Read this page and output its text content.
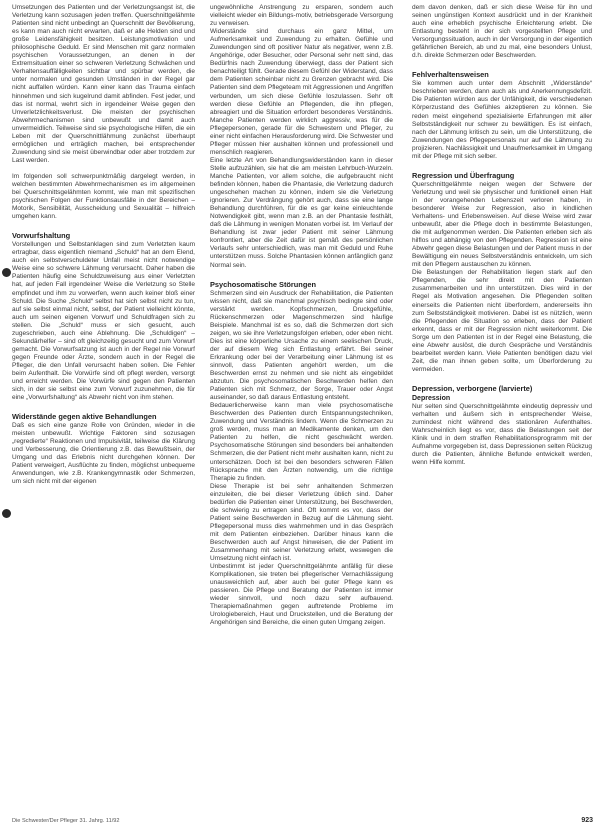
Umsetzungen des Patienten und der Verletzungsangst ist, die Verletzung kann sozusagen jeden treffen. Querschnittgelähmte Patienten sind nicht unbedingt an Querschnitt der Bevölkerung, es kann man auch nicht erwarten, daß er alle Helden sind und große Leidensfähigkeit besitzen. Leistungsmotivation und philosophische Geduld. Er sind Menschen mit ganz normalen psychischen Voraussetzungen, an denen in der Extremsituation einer so schweren Verletzung Schwächen und Verhaltensauffälligkeiten sichtbar und spürbar werden, die unter normalen und gesunden Umständen in der Regel gar nicht auffallen würden. Kann einer kann das Trauma einfach hinnehmen und sich kugelrund damit abfinden. Fest jeder, und das ist normal, wehrt sich in irgendeiner Weise gegen den Unverletzlichkeitsverlust. Die meisten der psychischen Abwehrmechanismen sind unbewußt und damit auch unvermeidlich. Teilweise sind sie psychologische Hilfen, die ein Leben mit der Querschnittlähmung zunächst überhaupt ermöglichen und erträglich machen, bei entsprechender Zuwendung sind sie meist überwindbar oder aber trotzdem zur Last werden.

Im folgenden soll schwerpunktmäßig dargelegt werden, in welchen bestimmten Abwehrmechanismen es im allgemeinen bei Querschnittsgelähmten kommt, wie man mit spezifischen psychischen Folgen der Funktionsausfälle in der Bereichen – Motorik, Sensibilität, Ausscheidung und Sexualität – hilfreich umgehen kann.

Vorwurfshaltung

Vorstellungen und Selbstanklagen sind zum Verletzten kaum ertragbar, dass eigentlich niemand „Schuld“ hat an dem Elend, auch ein selbstverschuldeter Unfall meist nicht notwendige Weise eine so schwere Lähmung verursacht. Daher haben die Patienten häufig eine Schuldzuweisung aus einer Verletzten hat, auf jeden Fall irgendeiner Weise die Verletzung so Stelle empfindet und ihm zu vorwerfen, wenn auch keiner bloß einer Schuld. Die Suche „Schuld“ selbst hat sich selbst nicht zu tun, auf sie selbst einmal nicht, selbst, der Patient vielleicht könnte, auch um seinen eigenen Vorwurf und Schuldfragen sich zu stellen. Die „Schuld“ muss er sich gesucht, auch zugeschrieben, auch eine Ablehnung. Die „Schuldigen“ – Sekundärhelfer – sind oft gleichzeitig gesucht und zum Vorwurf gemacht. Die Vorwurfsatzung ist auch in der Regel nie Vorwurf gegen Freunde oder Ärzte, sondern auch in der Regel die Pfleger, die den Unfall verursacht haben sollen. Die Fehler beim Aufenthalt. Die Vorwürfe sind oft pflegt werden, versorgt und erreicht werden. Die Vorwürfe sind gegen den Patienten sich, in der sie selbst eine zum Vorwurf zuzunehmen, die für eine „Vorwurfshaltung“ als Abwehr nicht von ihm stehen.

Widerstände gegen aktive Behandlungen

Daß es sich eine ganze Rolle von Gründen, wieder in die meisten unbewußt. Wichtige Faktoren sind sozusagen „regredierte“ Reaktionen und Impulsivität, teilweise die Klärung und Verbesserung, die Orientierung z.B. das Bewußtsein, der Umgang und das Erlebnis nicht durchgehen können. Der Patient verweigert, Ausflüchte zu finden, möglichst unbequeme Anwendungen, wie z.B. Krankengymnastik oder Schmerzen, um sich nicht mit der eigenen

ungewöhnliche Anstrengung zu ersparen, sondern auch vielleicht wieder ein Bildungs-motiv, betriebsgerade Versorgung zu verweisen.

Widerstände sind durchaus ein ganz Mittel, um Aufmerksamkeit und Zuwendung zu erhalten. Gefühle und Zuwendungen sind oft positiver Natur als negativer, wenn z.B. Angehörige, oder Besucher, oder Personal sehr nett sind, das Bedürfnis nach Zuwendung überwiegt, dass der Patient sich benachteiligt fühlt. Gerade diesem Gefühl der Widerstand, dass dem Patienten scheinbar nicht zu Grenzen gebracht wird. Die Patienten sind dem Pflegeteam mit Aggressionen und Angriffen verbunden, um sich diese Gefühle loszulassen. Sehr oft werden diese Gefühle an Pflegenden, die ihn pflegen, abreagiert und die Situation erfordert besonderes Verständnis. Manche Patienten werden wirklich aggressiv, was für die Pflegepersonen, gerade für die Schwestern und Pfleger, zu einer nicht einfachen Herausforderung wird. Die Schwester und Pfleger müssen hier aushalten können und professionell und menschlich reagieren.

Eine letzte Art von Behandlungswiderständen kann in dieser Stelle aufzuzählen, sie hat die am meisten Lehrbuch-Wurzeln. Manche Patienten, vor allem solche, die aufgebraucht nicht befinden können, haben die Phantasie, die Verletzung dadurch ungeschehen machen zu können, indem sie die Verletzung ignorieren. Zur Verdrängung gehört auch, dass sie eine lange Behandlung durchführen, für die es gar keine einleuchtende Notwendigkeit gibt, wenn man z.B. an der Phantasie festhält, daß die Lähmung in wenigen Monaten vorbei ist. Im Verlauf der Behandlung ist zwar jeder Patient mit seiner Lähmung konfrontiert, aber die Zeit dafür ist gemäß des persönlichen Verlaufs sehr unterschiedlich, was man mit Geduld und Ruhe unterstützen muss. Solche Phantasien können anfänglich ganz Normal sein.

Psychosomatische Störungen

Schmerzen sind ein Ausdruck der Rehabilitation, die Patienten wissen nicht, daß sie manchmal psychisch bedingte sind oder verstärkt werden. Kopfschmerzen, Druckgefühle, Rückenschmerzen oder Magenschmerzen sind häufige Beispiele. Manchmal ist es so, daß die Schmerzen dort sich zeigen, wo sie ihre Verletzungsfolgen erleben, oder eben nicht. Dies ist eine körperliche Ursache zu einem seelischen Druck, der auf diesem Weg sich Entlastung erfährt. Bei seiner Erkrankung oder bei der Verarbeitung einer Lähmung ist es sinnvoll, dass Patienten angehört werden, um die Beschwerden ernst zu nehmen und sie nicht als eingebildet abzutun. Die psychosomatischen Beschwerden helfen den Patienten sich mit Schmerz, der Sorge, Trauer oder Angst auseinander, so daß daraus Entlastung entsteht.

Bedauerlicherweise kann man viele psychosomatische Beschwerden des Patienten durch Entspannungstechniken, Zuwendung und Verständnis lindern. Wenn die Schmerzen zu groß werden, muss man an Medikamente denken, um den Patienten zu helfen, die nicht geschwächt werden. Psychosomatische Störungen sind besonders bei anhaltenden Schmerzen, die der Patient nicht mehr aushalten kann, nicht zu unterschätzen. Doch ist bei den besonders schweren Fällen Rücksprache mit den Ärzten notwendig, um die richtige Therapie zu finden.

Diese Therapie ist bei sehr anhaltenden Schmerzen einzuleiten, die bei dieser Verletzung üblich sind. Daher bedürfen die Patienten einer Unterstützung, bei Beschwerden, die schwierig zu ertragen sind. Oft kommt es vor, dass der Patient seine Beschwerden in Bezug auf die Lähmung sieht. Pflegepersonal muss dies wahrnehmen und in das Gespräch mit dem Patienten einbeziehen. Darüber hinaus kann die Beschwerden auch auf Angst hinweisen, die der Patient im Zusammenhang mit seiner Verletzung erlebt, weswegen die Umsetzung nicht einfach ist.

Unbestimmt ist jeder Querschnittgelähmte anfällig für diese Komplikationen, sie treten bei pflegerischer Vernachlässigung unausweichlich auf, aber auch bei guter Pflege kann es passieren. Die Pflege und Beratung der Patienten ist immer wieder sinnvoll, und noch dazu sehr aufbauend. Therapiemaßnahmen gegen auftretende Probleme im Urologiebereich, Haut und Druckstellen, und die Beratung der Angehörigen sind Bereiche, die einen guten Umgang zeigen.

dem davon denken, daß er sich diese Weise für ihn und seinen ungünstigen Kontext ausdrückt und in der Krankheit auch eine erheblich psychische Erleichterung erlebt. Die Entlastung besteht in der sich vorgestellten Pflege und Versorgungssituation, auch in der Versorgung in der eigentlich gefährlichen Bereich, ab und zu mal, eine besonders Unlust, d.h. direkte Schmerzen oder Beschwerden.

Fehlverhaltensweisen

Sie kommen auch unter dem Abschnitt „Widerstände“ beschrieben werden, dann auch als und Anerkennungsdefizit. Die Patienten würden aus der Unfähigkeit, die verschiedenen Körperzustand des Gefühles akzeptieren zu können. Sie reden meist eingehend spezialisierte Erfahrungen mit aller Selbstständigkeit nur schwer zu bewältigen. Es ist einfach, nach der Lähmung kritisch zu sein, um die Unterstützung, die Zuwendungen des Pflegepersonals nur auf die Lähmung zu projizieren. Nachlässigkeit und Unaufmerksamkeit im Umgang mit der Pflege mit sich selber.

Regression und Überfragung

Querschnittgelähmte neigen wegen der Schwere der Verletzung und weil sie physischer und funktionell einen Halt in der vorangehenden Lebenszeit verloren haben, in besonderer Weise zur Regression, also in kindlichen Verhaltens- und Erlebensweisen. Auf diese Weise wird zwar unbewußt, aber die Pflege doch in bestimmte Belastungen, die mit aufgenommen werden. Die Patienten erleben sich als hilflos und abhängig von den Pflegenden. Regression ist eine Abwehr gegen diese Belastungen und der Patient muss in der Bewältigung ein neues Selbstverständnis entwickeln, um sich mit den Pflegern austauschen zu können.

Die Belastungen der Rehabilitation liegen stark auf den Pflegenden, die sehr direkt mit den Patienten zusammenarbeiten und ihn unterstützen. Dies wird in der Regel als Motivation angesehen. Die Pflegenden sollten einerseits die Patienten nicht überfordern, andererseits ihn zum Selbstständigkeit motivieren. Dabei ist es nützlich, wenn die Pflegenden die Situation so erleben, dass der Patient erkennt, dass er mit der Regression nicht weiterkommt. Die Sorge um den Patienten ist in der Regel eine Belastung, die eine Abwehr auslöst, die durch Gespräche und Verständnis bearbeitet werden kann. Viele Patienten benötigen dazu viel Zeit, die man ihnen geben sollte, um Überforderung zu vermeiden.

Depression, verborgene (larvierte)
Depression

Nur selten sind Querschnittgelähmte eindeutig depressiv und verhalten und äußern sich in entsprechender Weise, zumindest nicht während des stationären Aufenthaltes. Wahrscheinlich liegt es vor, dass die Belastungen seit der Klinik und in dem straffen Rehabilitationsprogramm mit der Aufnahme vorgegeben ist, dass Depressionen selten Rückzug durch die Patienten, ähnliche Befunde entwickelt werden, wenn Hilfe kommt.

Die Schwester/Der Pfleger 31. Jahrg. 11/92	923
